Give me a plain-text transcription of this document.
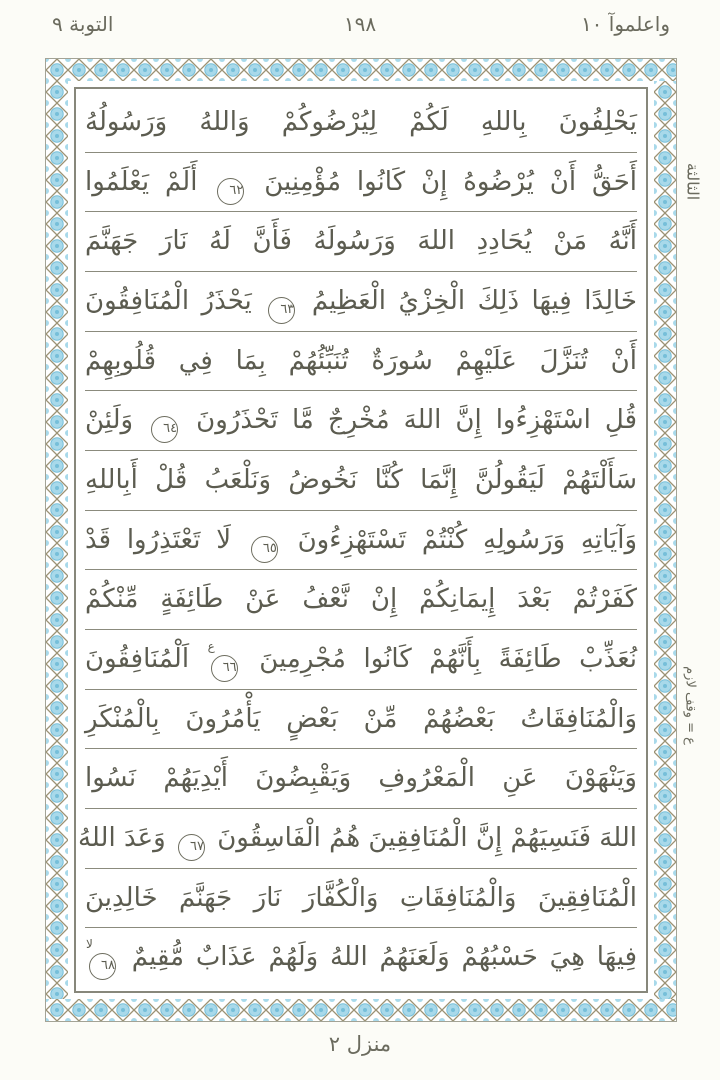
واعلموآ ١٠
١٩٨
التوبة ٩
يَحْلِفُونَ بِاللهِ لَكُمْ لِيُرْضُوكُمْ وَاللهُ وَرَسُولُهُ
أَحَقُّ أَنْ يُرْضُوهُ إِنْ كَانُوا مُؤْمِنِينَ ٦٢ أَلَمْ يَعْلَمُوا
أَنَّهُ مَنْ يُحَادِدِ اللهَ وَرَسُولَهُ فَأَنَّ لَهُ نَارَ جَهَنَّمَ
خَالِدًا فِيهَا ذَلِكَ الْخِزْيُ الْعَظِيمُ ٦٣ يَحْذَرُ الْمُنَافِقُونَ
أَنْ تُنَزَّلَ عَلَيْهِمْ سُورَةٌ تُنَبِّئُهُمْ بِمَا فِي قُلُوبِهِمْ
قُلِ اسْتَهْزِءُوا إِنَّ اللهَ مُخْرِجٌ مَّا تَحْذَرُونَ ٦٤ وَلَئِنْ
سَأَلْتَهُمْ لَيَقُولُنَّ إِنَّمَا كُنَّا نَخُوضُ وَنَلْعَبُ قُلْ أَبِاللهِ
وَآيَاتِهِ وَرَسُولِهِ كُنْتُمْ تَسْتَهْزِءُونَ ٦٥ لَا تَعْتَذِرُوا قَدْ
كَفَرْتُمْ بَعْدَ إِيمَانِكُمْ إِنْ نَّعْفُ عَنْ طَائِفَةٍ مِّنْكُمْ
نُعَذِّبْ طَائِفَةً بِأَنَّهُمْ كَانُوا مُجْرِمِينَ ٦٦
ع
اَلْمُنَافِقُونَ
وَالْمُنَافِقَاتُ بَعْضُهُمْ مِّنْ بَعْضٍ يَأْمُرُونَ بِالْمُنْكَرِ
وَيَنْهَوْنَ عَنِ الْمَعْرُوفِ وَيَقْبِضُونَ أَيْدِيَهُمْ نَسُوا
اللهَ فَنَسِيَهُمْ إِنَّ الْمُنَافِقِينَ هُمُ الْفَاسِقُونَ ٦٧ وَعَدَ اللهُ
الْمُنَافِقِينَ وَالْمُنَافِقَاتِ وَالْكُفَّارَ نَارَ جَهَنَّمَ خَالِدِينَ
فِيهَا هِيَ حَسْبُهُمْ وَلَعَنَهُمُ اللهُ وَلَهُمْ عَذَابٌ مُّقِيمٌ ٦٨
لا
الثالثة
ع = وقف لازم
منزل ٢
